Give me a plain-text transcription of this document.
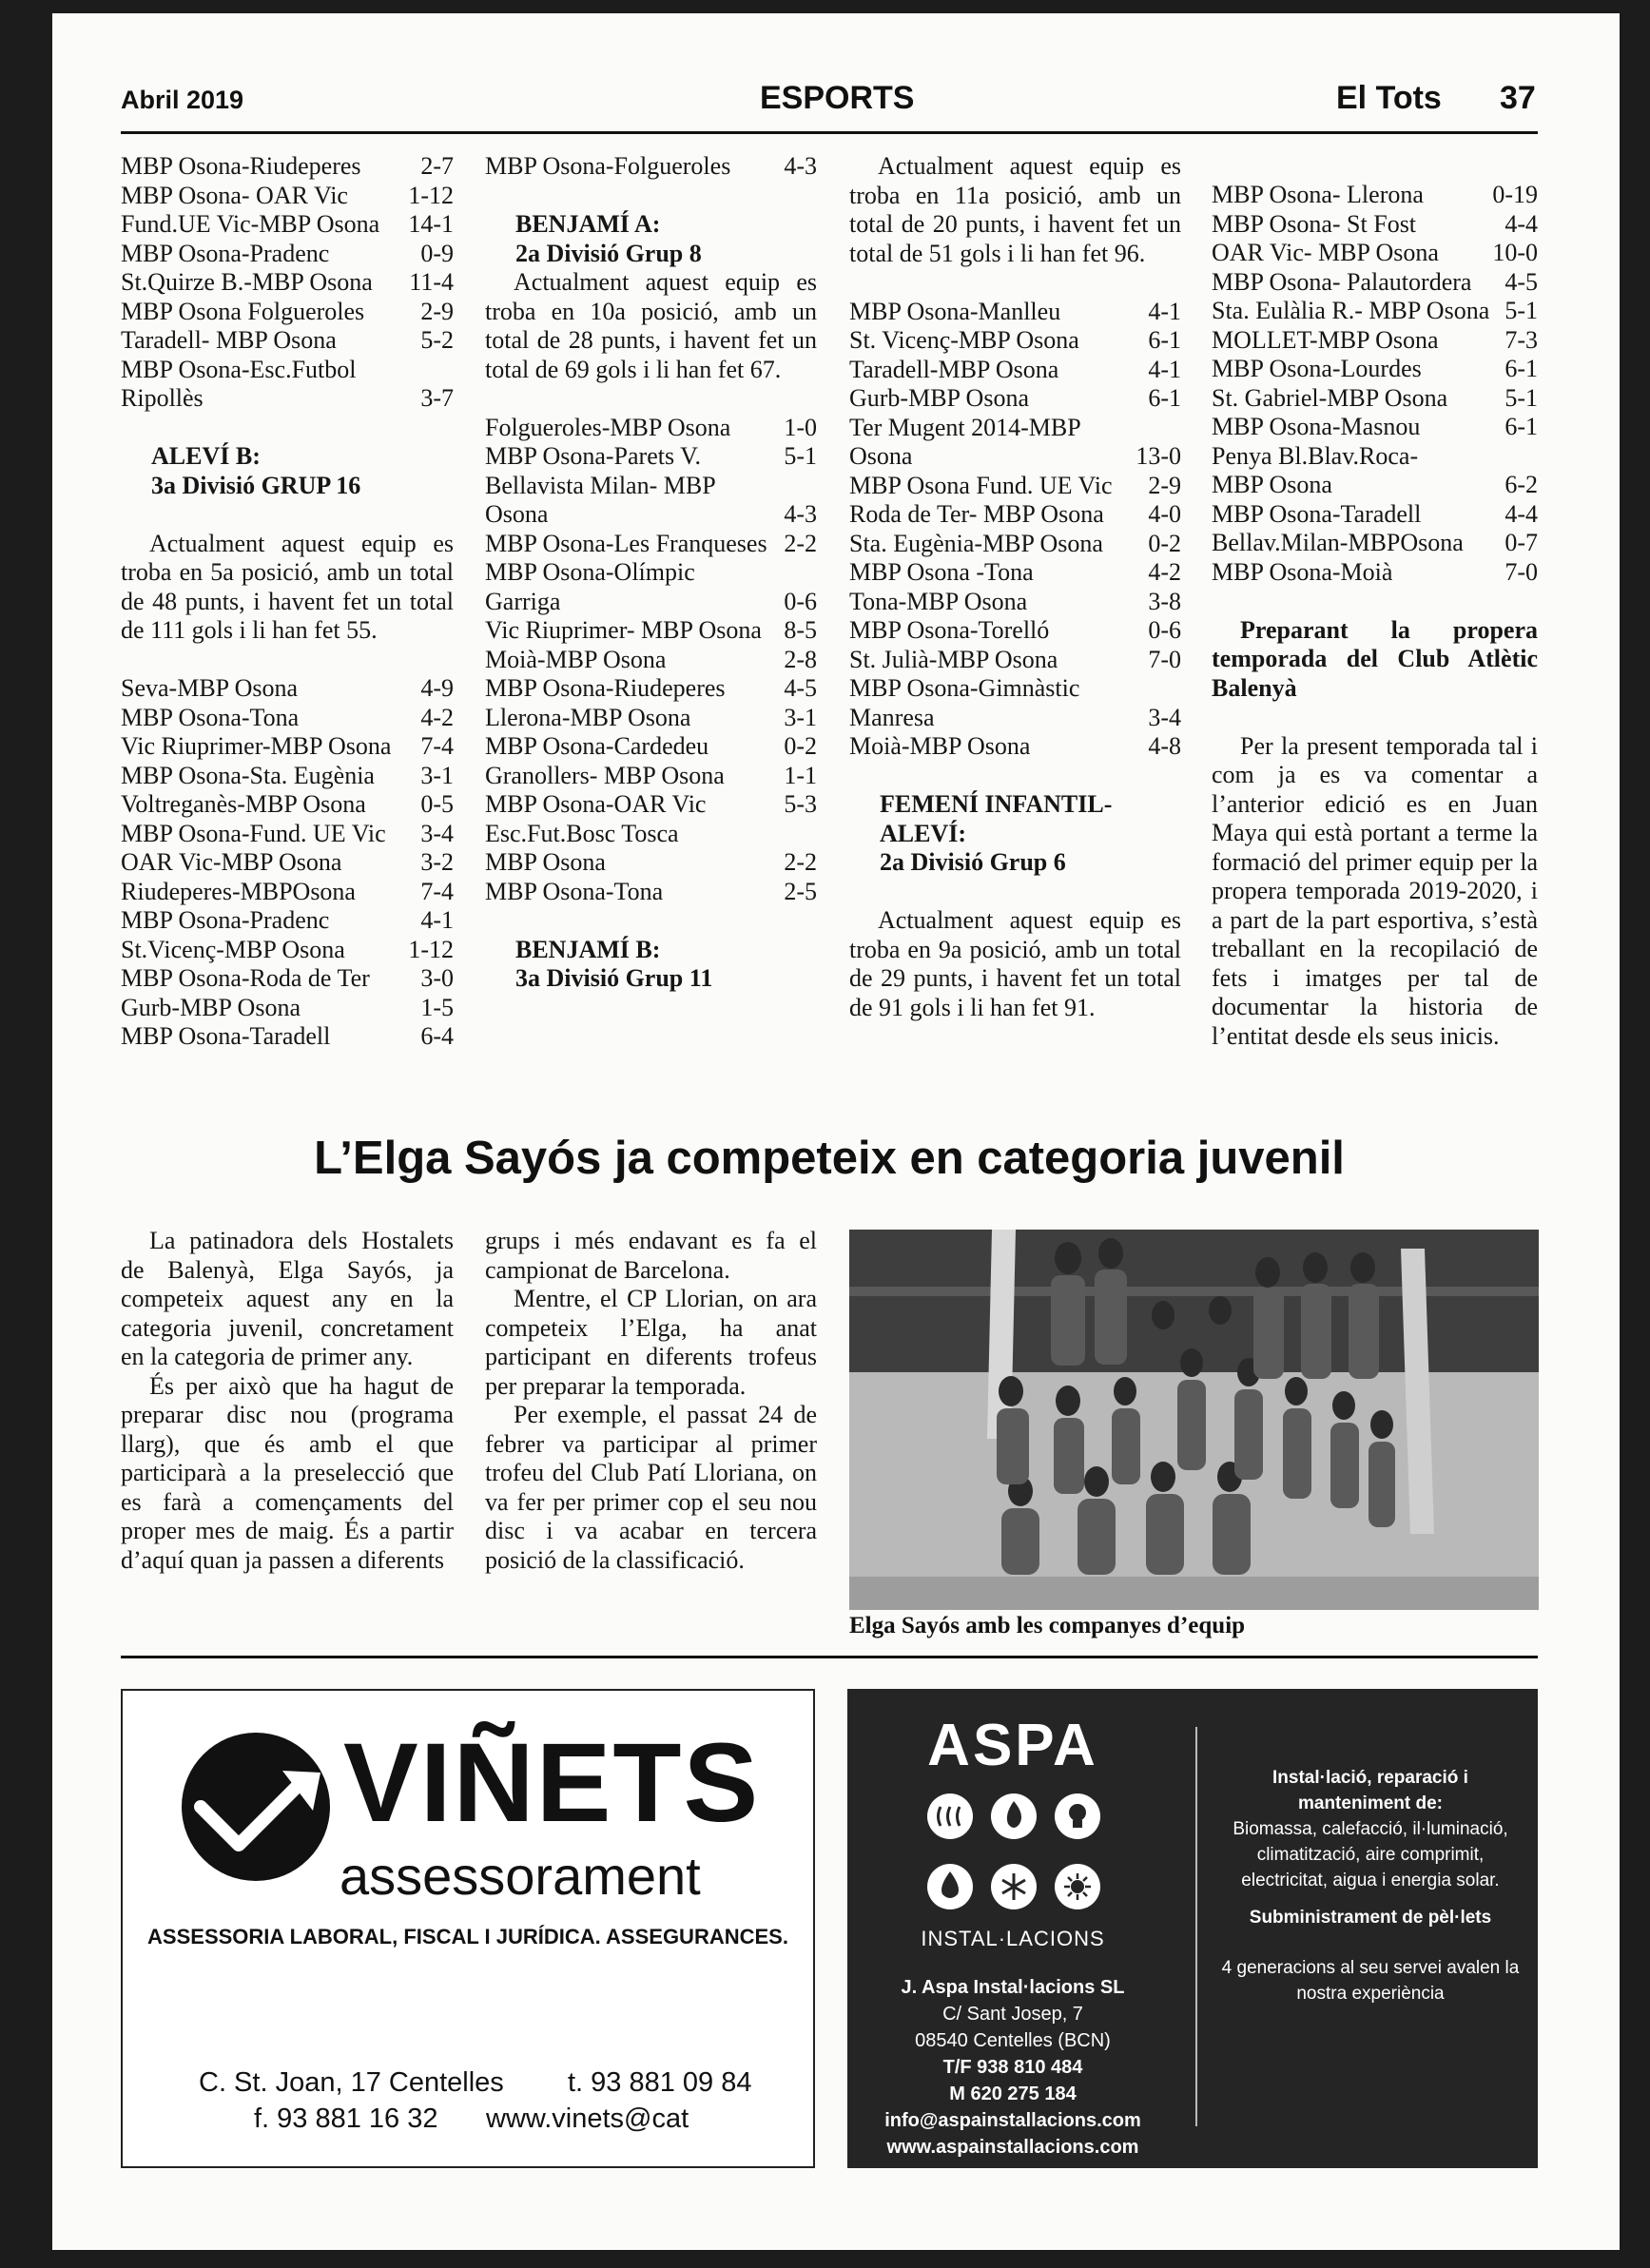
Abril 2019	ESPORTS	El Tots 37
MBP Osona-Riudeperes 2-7
MBP Osona- OAR Vic 1-12
Fund.UE Vic-MBP Osona 14-1
MBP Osona-Pradenc	0-9
St.Quirze B.-MBP Osona 11-4
MBP Osona Folgueroles 2-9
Taradell- MBP Osona	5-2
MBP Osona-Esc.Futbol
Ripollès	3-7
ALEVÍ B:
3a Divisió GRUP 16
Actualment aquest equip es troba en 5a posició, amb un total de 48 punts, i havent fet un total de 111 gols i li han fet 55.
Seva-MBP Osona	4-9
MBP Osona-Tona	4-2
Vic Riuprimer-MBP Osona 7-4
MBP Osona-Sta. Eugènia 3-1
Voltreganès-MBP Osona 0-5
MBP Osona-Fund. UE Vic 3-4
OAR Vic-MBP Osona	3-2
Riudeperes-MBPOsona	7-4
MBP Osona-Pradenc	4-1
St.Vicenç-MBP Osona	1-12
MBP Osona-Roda de Ter 3-0
Gurb-MBP Osona	1-5
MBP Osona-Taradell	6-4
MBP Osona-Folgueroles 4-3
BENJAMÍ A:
2a Divisió Grup 8
Actualment aquest equip es troba en 10a posició, amb un total de 28 punts, i havent fet un total de 69 gols i li han fet 67.
Folgueroles-MBP Osona 1-0
MBP Osona-Parets V.	5-1
Bellavista Milan- MBP
Osona	4-3
MBP Osona-Les Franqueses 2-2
MBP Osona-Olímpic
Garriga	0-6
Vic Riuprimer- MBP Osona 8-5
Moià-MBP Osona	2-8
MBP Osona-Riudeperes 4-5
Llerona-MBP Osona	3-1
MBP Osona-Cardedeu	0-2
Granollers- MBP Osona 1-1
MBP Osona-OAR Vic	5-3
Esc.Fut.Bosc Tosca
MBP Osona	2-2
MBP Osona-Tona	2-5
BENJAMÍ B:
3a Divisió Grup 11
Actualment aquest equip es troba en 11a posició, amb un total de 20 punts, i havent fet un total de 51 gols i li han fet 96.
MBP Osona-Manlleu	4-1
St. Vicenç-MBP Osona	6-1
Taradell-MBP Osona	4-1
Gurb-MBP Osona	6-1
Ter Mugent 2014-MBP
Osona	13-0
MBP Osona Fund. UE Vic 2-9
Roda de Ter- MBP Osona 4-0
Sta. Eugènia-MBP Osona 0-2
MBP Osona -Tona	4-2
Tona-MBP Osona	3-8
MBP Osona-Torelló	0-6
St. Julià-MBP Osona	7-0
MBP Osona-Gimnàstic
Manresa	3-4
Moià-MBP Osona	4-8
FEMENÍ INFANTIL-
ALEVÍ:
2a Divisió Grup 6
Actualment aquest equip es troba en 9a posició, amb un total de 29 punts, i havent fet un total de 91 gols i li han fet 91.
MBP Osona- Llerona	0-19
MBP Osona- St Fost	4-4
OAR Vic- MBP Osona 10-0
MBP Osona- Palautordera 4-5
Sta. Eulàlia R.- MBP Osona 5-1
MOLLET-MBP Osona	7-3
MBP Osona-Lourdes	6-1
St. Gabriel-MBP Osona 5-1
MBP Osona-Masnou	6-1
Penya Bl.Blav.Roca-
MBP Osona	6-2
MBP Osona-Taradell	4-4
Bellav.Milan-MBPOsona 0-7
MBP Osona-Moià	7-0
Preparant la propera temporada del Club Atlètic Balenyà
Per la present temporada tal i com ja es va comentar a l’anterior edició es en Juan Maya qui està portant a terme la formació del primer equip per la propera temporada 2019-2020, i a part de la part esportiva, s’està treballant en la recopilació de fets i imatges per tal de documentar la historia de l’entitat desde els seus inicis.
L’Elga Sayós ja competeix en categoria juvenil
La patinadora dels Hostalets de Balenyà, Elga Sayós, ja competeix aquest any en la categoria juvenil, concretament en la categoria de primer any.
És per això que ha hagut de preparar disc nou (programa llarg), que és amb el que participarà a la preselecció que es farà a començaments del proper mes de maig. És a partir d’aquí quan ja passen a diferents
grups i més endavant es fa el campionat de Barcelona.
Mentre, el CP Llorian, on ara competeix l’Elga, ha anat participant en diferents trofeus per preparar la temporada.
Per exemple, el passat 24 de febrer va participar al primer trofeu del Club Patí Lloriana, on va fer per primer cop el seu nou disc i va acabar en tercera posició de la classificació.
Elga Sayós amb les companyes d’equip
VIÑETS
assessorament
ASSESSORIA LABORAL, FISCAL I JURÍDICA. ASSEGURANCES.
C. St. Joan, 17 Centelles t. 93 881 09 84
f. 93 881 16 32 www.vinets@cat
ASPA
INSTAL·LACIONS
J. Aspa Instal·lacions SL
C/ Sant Josep, 7
08540 Centelles (BCN)
T/F 938 810 484
M 620 275 184
info@aspainstallacions.com
www.aspainstallacions.com
Instal·lació, reparació i manteniment de:
Biomassa, calefacció, il·luminació, climatització, aire comprimit, electricitat, aigua i energia solar.
Subministrament de pèl·lets
4 generacions al seu servei avalen la nostra experiència
